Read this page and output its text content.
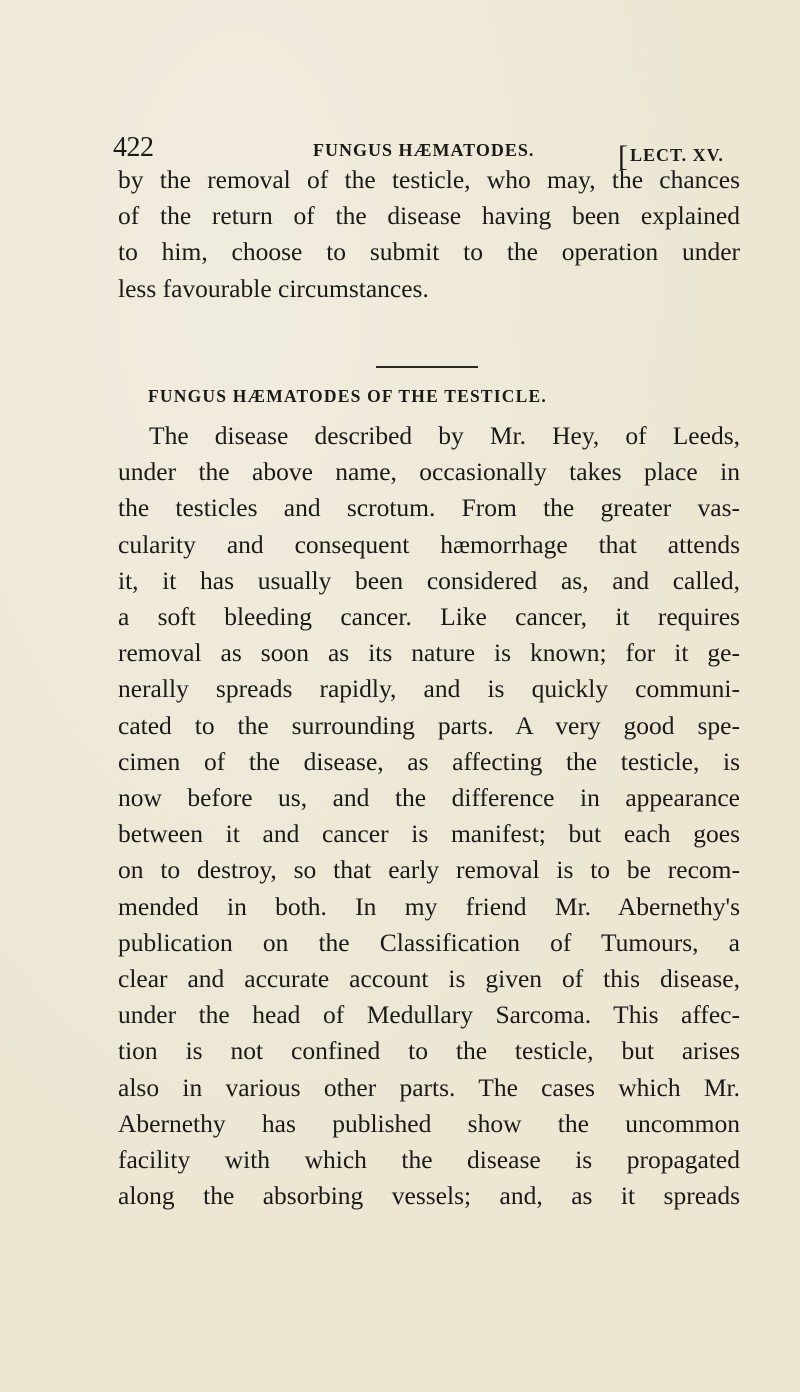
422	FUNGUS HÆMATODES.	[LECT. XV.
by the removal of the testicle, who may, the chances
of the return of the disease having been explained
to him, choose to submit to the operation under
less favourable circumstances.
FUNGUS HÆMATODES OF THE TESTICLE.
The disease described by Mr. Hey, of Leeds,
under the above name, occasionally takes place in
the testicles and scrotum. From the greater vas-
cularity and consequent hæmorrhage that attends
it, it has usually been considered as, and called,
a soft bleeding cancer. Like cancer, it requires
removal as soon as its nature is known; for it ge-
nerally spreads rapidly, and is quickly communi-
cated to the surrounding parts. A very good spe-
cimen of the disease, as affecting the testicle, is
now before us, and the difference in appearance
between it and cancer is manifest; but each goes
on to destroy, so that early removal is to be recom-
mended in both. In my friend Mr. Abernethy's
publication on the Classification of Tumours, a
clear and accurate account is given of this disease,
under the head of Medullary Sarcoma. This affec-
tion is not confined to the testicle, but arises
also in various other parts. The cases which Mr.
Abernethy has published show the uncommon
facility with which the disease is propagated
along the absorbing vessels; and, as it spreads
